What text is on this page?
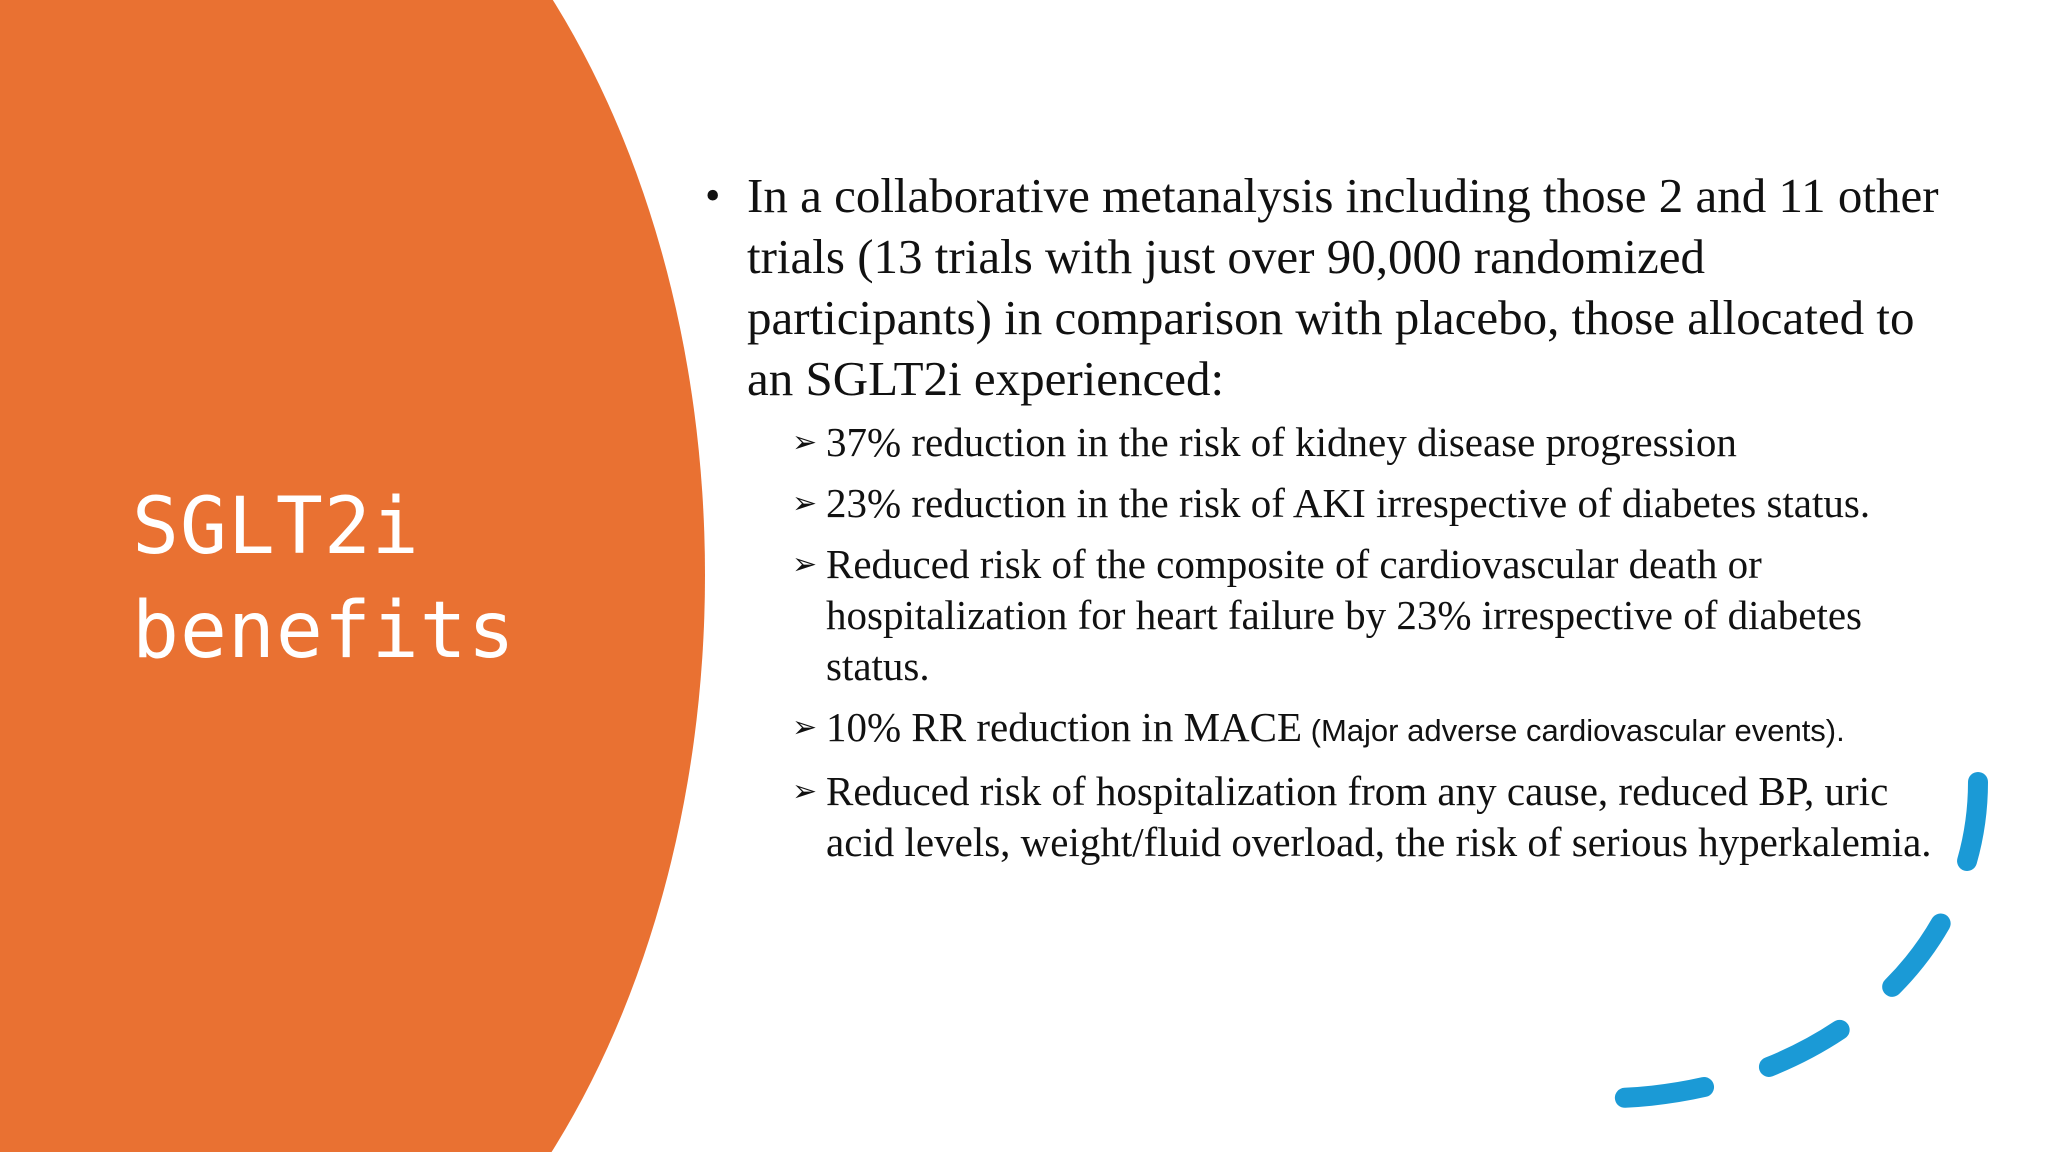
SGLT2i
benefits
• In a collaborative metanalysis including those 2 and 11 other trials (13 trials with just over 90,000 randomized participants) in comparison with placebo, those allocated to an SGLT2i experienced:
➢ 37% reduction in the risk of kidney disease progression
➢ 23% reduction in the risk of AKI irrespective of diabetes status.
➢ Reduced risk of the composite of cardiovascular death or hospitalization for heart failure by 23% irrespective of diabetes status.
➢ 10% RR reduction in MACE (Major adverse cardiovascular events).
➢ Reduced risk of hospitalization from any cause, reduced BP, uric acid levels, weight/fluid overload, the risk of serious hyperkalemia.
